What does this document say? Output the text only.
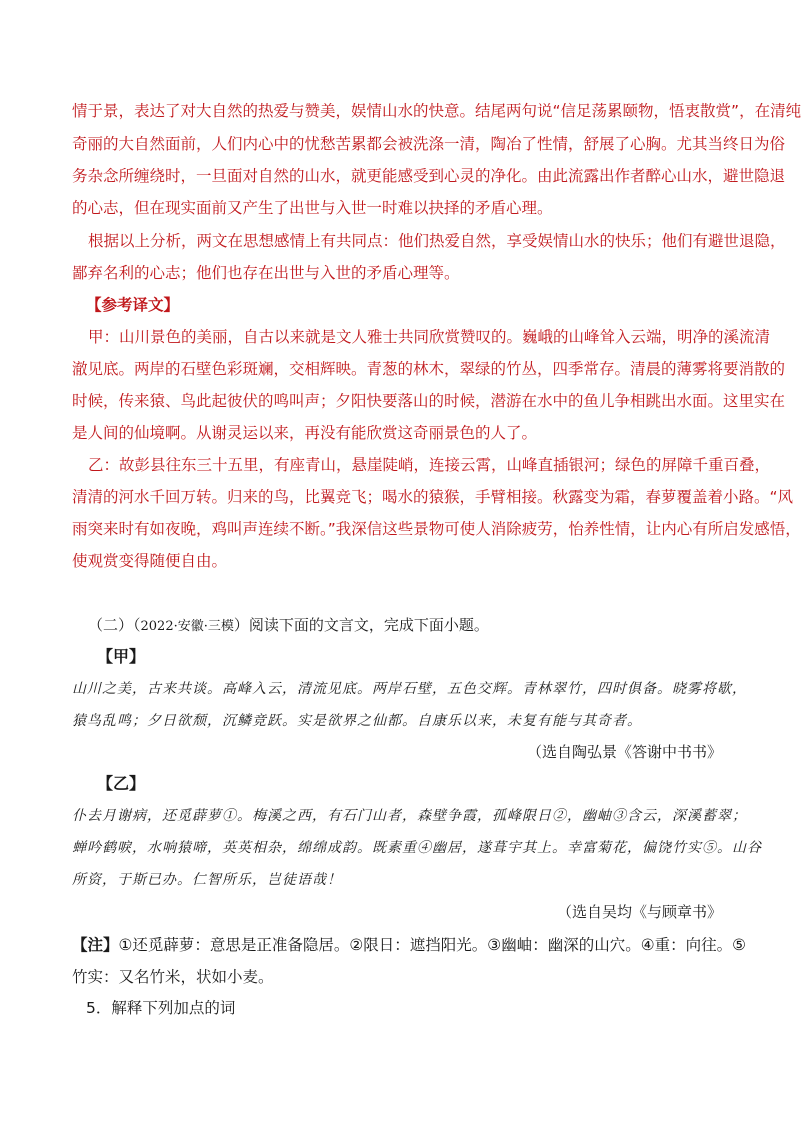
情于景，表达了对大自然的热爱与赞美，娱情山水的快意。结尾两句说“信足荡累颐物，悟衷散赏”，在清纯
奇丽的大自然面前，人们内心中的忧愁苦累都会被洗涤一清，陶冶了性情，舒展了心胸。尤其当终日为俗
务杂念所缠绕时，一旦面对自然的山水，就更能感受到心灵的净化。由此流露出作者醉心山水，避世隐退
的心志，但在现实面前又产生了出世与入世一时难以抉择的矛盾心理。
根据以上分析，两文在思想感情上有共同点：他们热爱自然，享受娱情山水的快乐；他们有避世退隐，
鄙弃名利的心志；他们也存在出世与入世的矛盾心理等。
【参考译文】
甲：山川景色的美丽，自古以来就是文人雅士共同欣赏赞叹的。巍峨的山峰耸入云端，明净的溪流清
澈见底。两岸的石壁色彩斑斓，交相辉映。青葱的林木，翠绿的竹丛，四季常存。清晨的薄雾将要消散的
时候，传来猿、鸟此起彼伏的鸣叫声；夕阳快要落山的时候，潜游在水中的鱼儿争相跳出水面。这里实在
是人间的仙境啊。从谢灵运以来，再没有能欣赏这奇丽景色的人了。
乙：故彭县往东三十五里，有座青山，悬崖陡峭，连接云霄，山峰直插银河；绿色的屏障千重百叠，
清清的河水千回万转。归来的鸟，比翼竞飞；喝水的猿猴，手臂相接。秋露变为霜，春萝覆盖着小路。“风
雨突来时有如夜晚，鸡叫声连续不断。”我深信这些景物可使人消除疲劳，怡养性情，让内心有所启发感悟，
使观赏变得随便自由。
（二）（2022·安徽·三模）阅读下面的文言文，完成下面小题。
【甲】
山川之美，古来共谈。高峰入云，清流见底。两岸石壁，五色交辉。青林翠竹，四时俱备。晓雾将歇，
猿鸟乱鸣；夕日欲颓，沉鳞竞跃。实是欲界之仙都。自康乐以来，未复有能与其奇者。
（选自陶弘景《答谢中书书》
【乙】
仆去月谢病，还觅薜萝①。梅溪之西，有石门山者，森壁争霞，孤峰限日②，幽岫③含云，深溪蓄翠；
蝉吟鹤唳，水响猿啼，英英相杂，绵绵成韵。既素重④幽居，遂葺宇其上。幸富菊花，偏饶竹实⑤。山谷
所资，于斯已办。仁智所乐，岂徒语哉！
（选自吴均《与顾章书》
【注】①还觅薜萝：意思是正准备隐居。②限日：遮挡阳光。③幽岫：幽深的山穴。④重：向往。⑤
竹实：又名竹米，状如小麦。
5．解释下列加点的词
